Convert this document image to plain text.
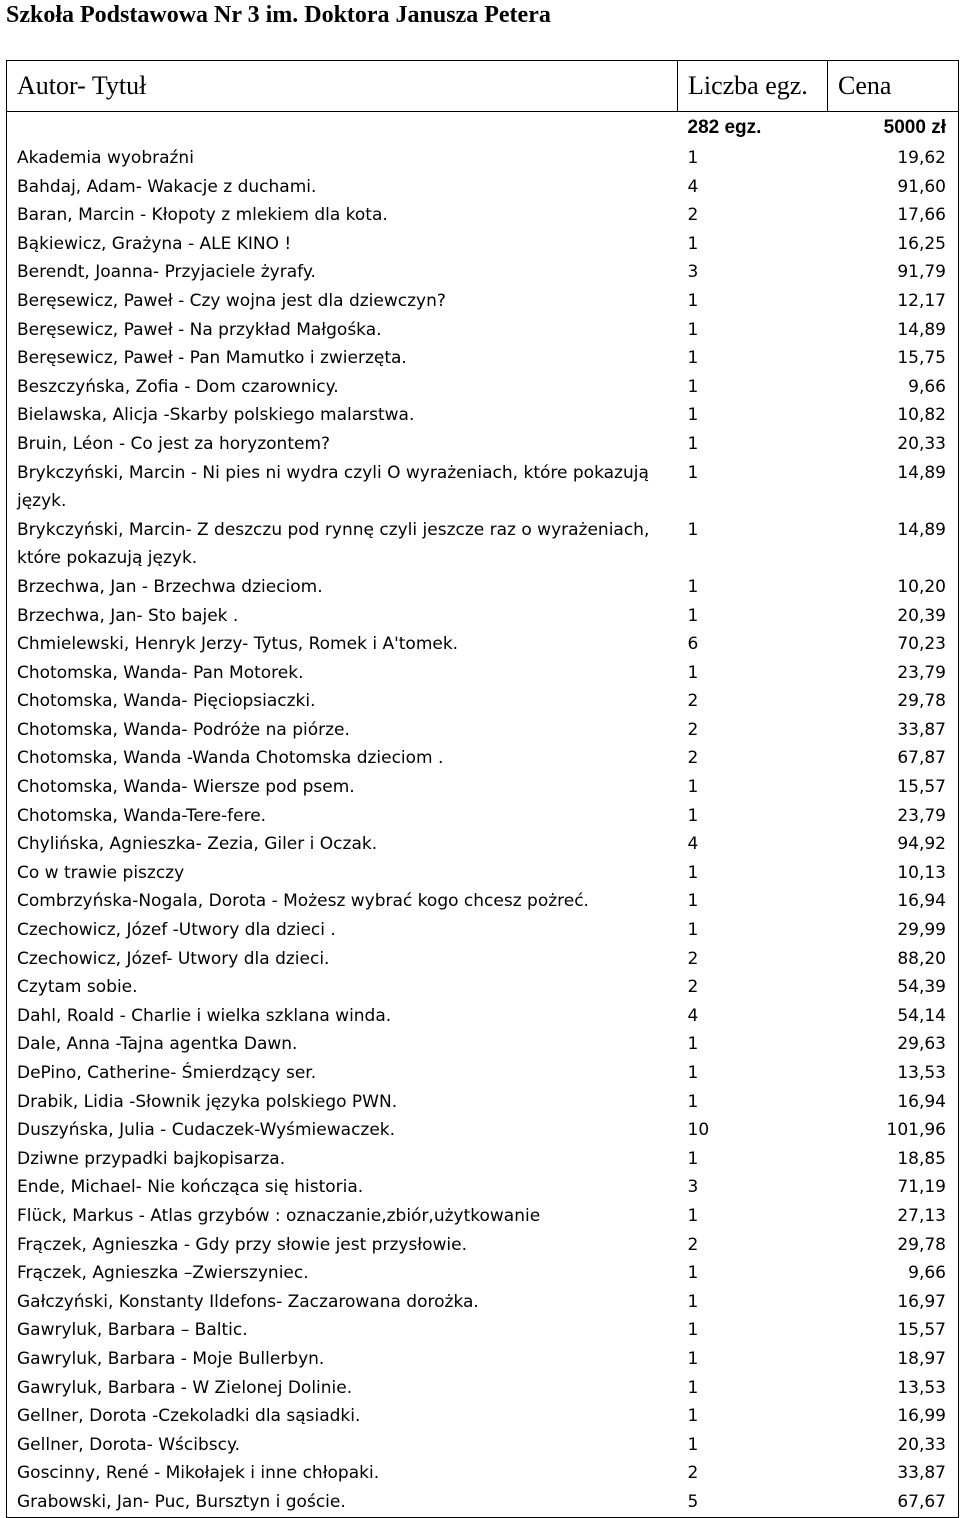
Szkoła Podstawowa Nr 3 im. Doktora Janusza Petera
Autor- Tytuł	Liczba egz.	Cena
	282 egz.	5000 zł
Akademia wyobraźni	1	19,62
Bahdaj, Adam- Wakacje z duchami.	4	91,60
Baran, Marcin - Kłopoty z mlekiem dla kota.	2	17,66
Bąkiewicz, Grażyna - ALE KINO !	1	16,25
Berendt, Joanna- Przyjaciele żyrafy.	3	91,79
Beręsewicz, Paweł - Czy wojna jest dla dziewczyn?	1	12,17
Beręsewicz, Paweł - Na przykład Małgośka.	1	14,89
Beręsewicz, Paweł - Pan Mamutko i zwierzęta.	1	15,75
Beszczyńska, Zofia - Dom czarownicy.	1	9,66
Bielawska, Alicja -Skarby polskiego malarstwa.	1	10,82
Bruin, Léon - Co jest za horyzontem?	1	20,33
Brykczyński, Marcin - Ni pies ni wydra czyli O wyrażeniach, które pokazują język.	1	14,89
Brykczyński, Marcin- Z deszczu pod rynnę czyli jeszcze raz o wyrażeniach, które pokazują język.	1	14,89
Brzechwa, Jan - Brzechwa dzieciom.	1	10,20
Brzechwa, Jan- Sto bajek .	1	20,39
Chmielewski, Henryk Jerzy- Tytus, Romek i A'tomek.	6	70,23
Chotomska, Wanda- Pan Motorek.	1	23,79
Chotomska, Wanda- Pięciopsiaczki.	2	29,78
Chotomska, Wanda- Podróże na piórze.	2	33,87
Chotomska, Wanda -Wanda Chotomska dzieciom .	2	67,87
Chotomska, Wanda- Wiersze pod psem.	1	15,57
Chotomska, Wanda-Tere-fere.	1	23,79
Chylińska, Agnieszka- Zezia, Giler i Oczak.	4	94,92
Co w trawie piszczy	1	10,13
Combrzyńska-Nogala, Dorota - Możesz wybrać kogo chcesz pożreć.	1	16,94
Czechowicz, Józef -Utwory dla dzieci .	1	29,99
Czechowicz, Józef- Utwory dla dzieci.	2	88,20
Czytam sobie.	2	54,39
Dahl, Roald - Charlie i wielka szklana winda.	4	54,14
Dale, Anna -Tajna agentka Dawn.	1	29,63
DePino, Catherine- Śmierdzący ser.	1	13,53
Drabik, Lidia -Słownik języka polskiego PWN.	1	16,94
Duszyńska, Julia - Cudaczek-Wyśmiewaczek.	10	101,96
Dziwne przypadki bajkopisarza.	1	18,85
Ende, Michael- Nie kończąca się historia.	3	71,19
Flück, Markus - Atlas grzybów : oznaczanie,zbiór,użytkowanie	1	27,13
Frączek, Agnieszka - Gdy przy słowie jest przysłowie.	2	29,78
Frączek, Agnieszka –Zwierszyniec.	1	9,66
Gałczyński, Konstanty Ildefons- Zaczarowana dorożka.	1	16,97
Gawryluk, Barbara – Baltic.	1	15,57
Gawryluk, Barbara - Moje Bullerbyn.	1	18,97
Gawryluk, Barbara - W Zielonej Dolinie.	1	13,53
Gellner, Dorota -Czekoladki dla sąsiadki.	1	16,99
Gellner, Dorota- Wścibscy.	1	20,33
Goscinny, René - Mikołajek i inne chłopaki.	2	33,87
Grabowski, Jan- Puc, Bursztyn i goście.	5	67,67
